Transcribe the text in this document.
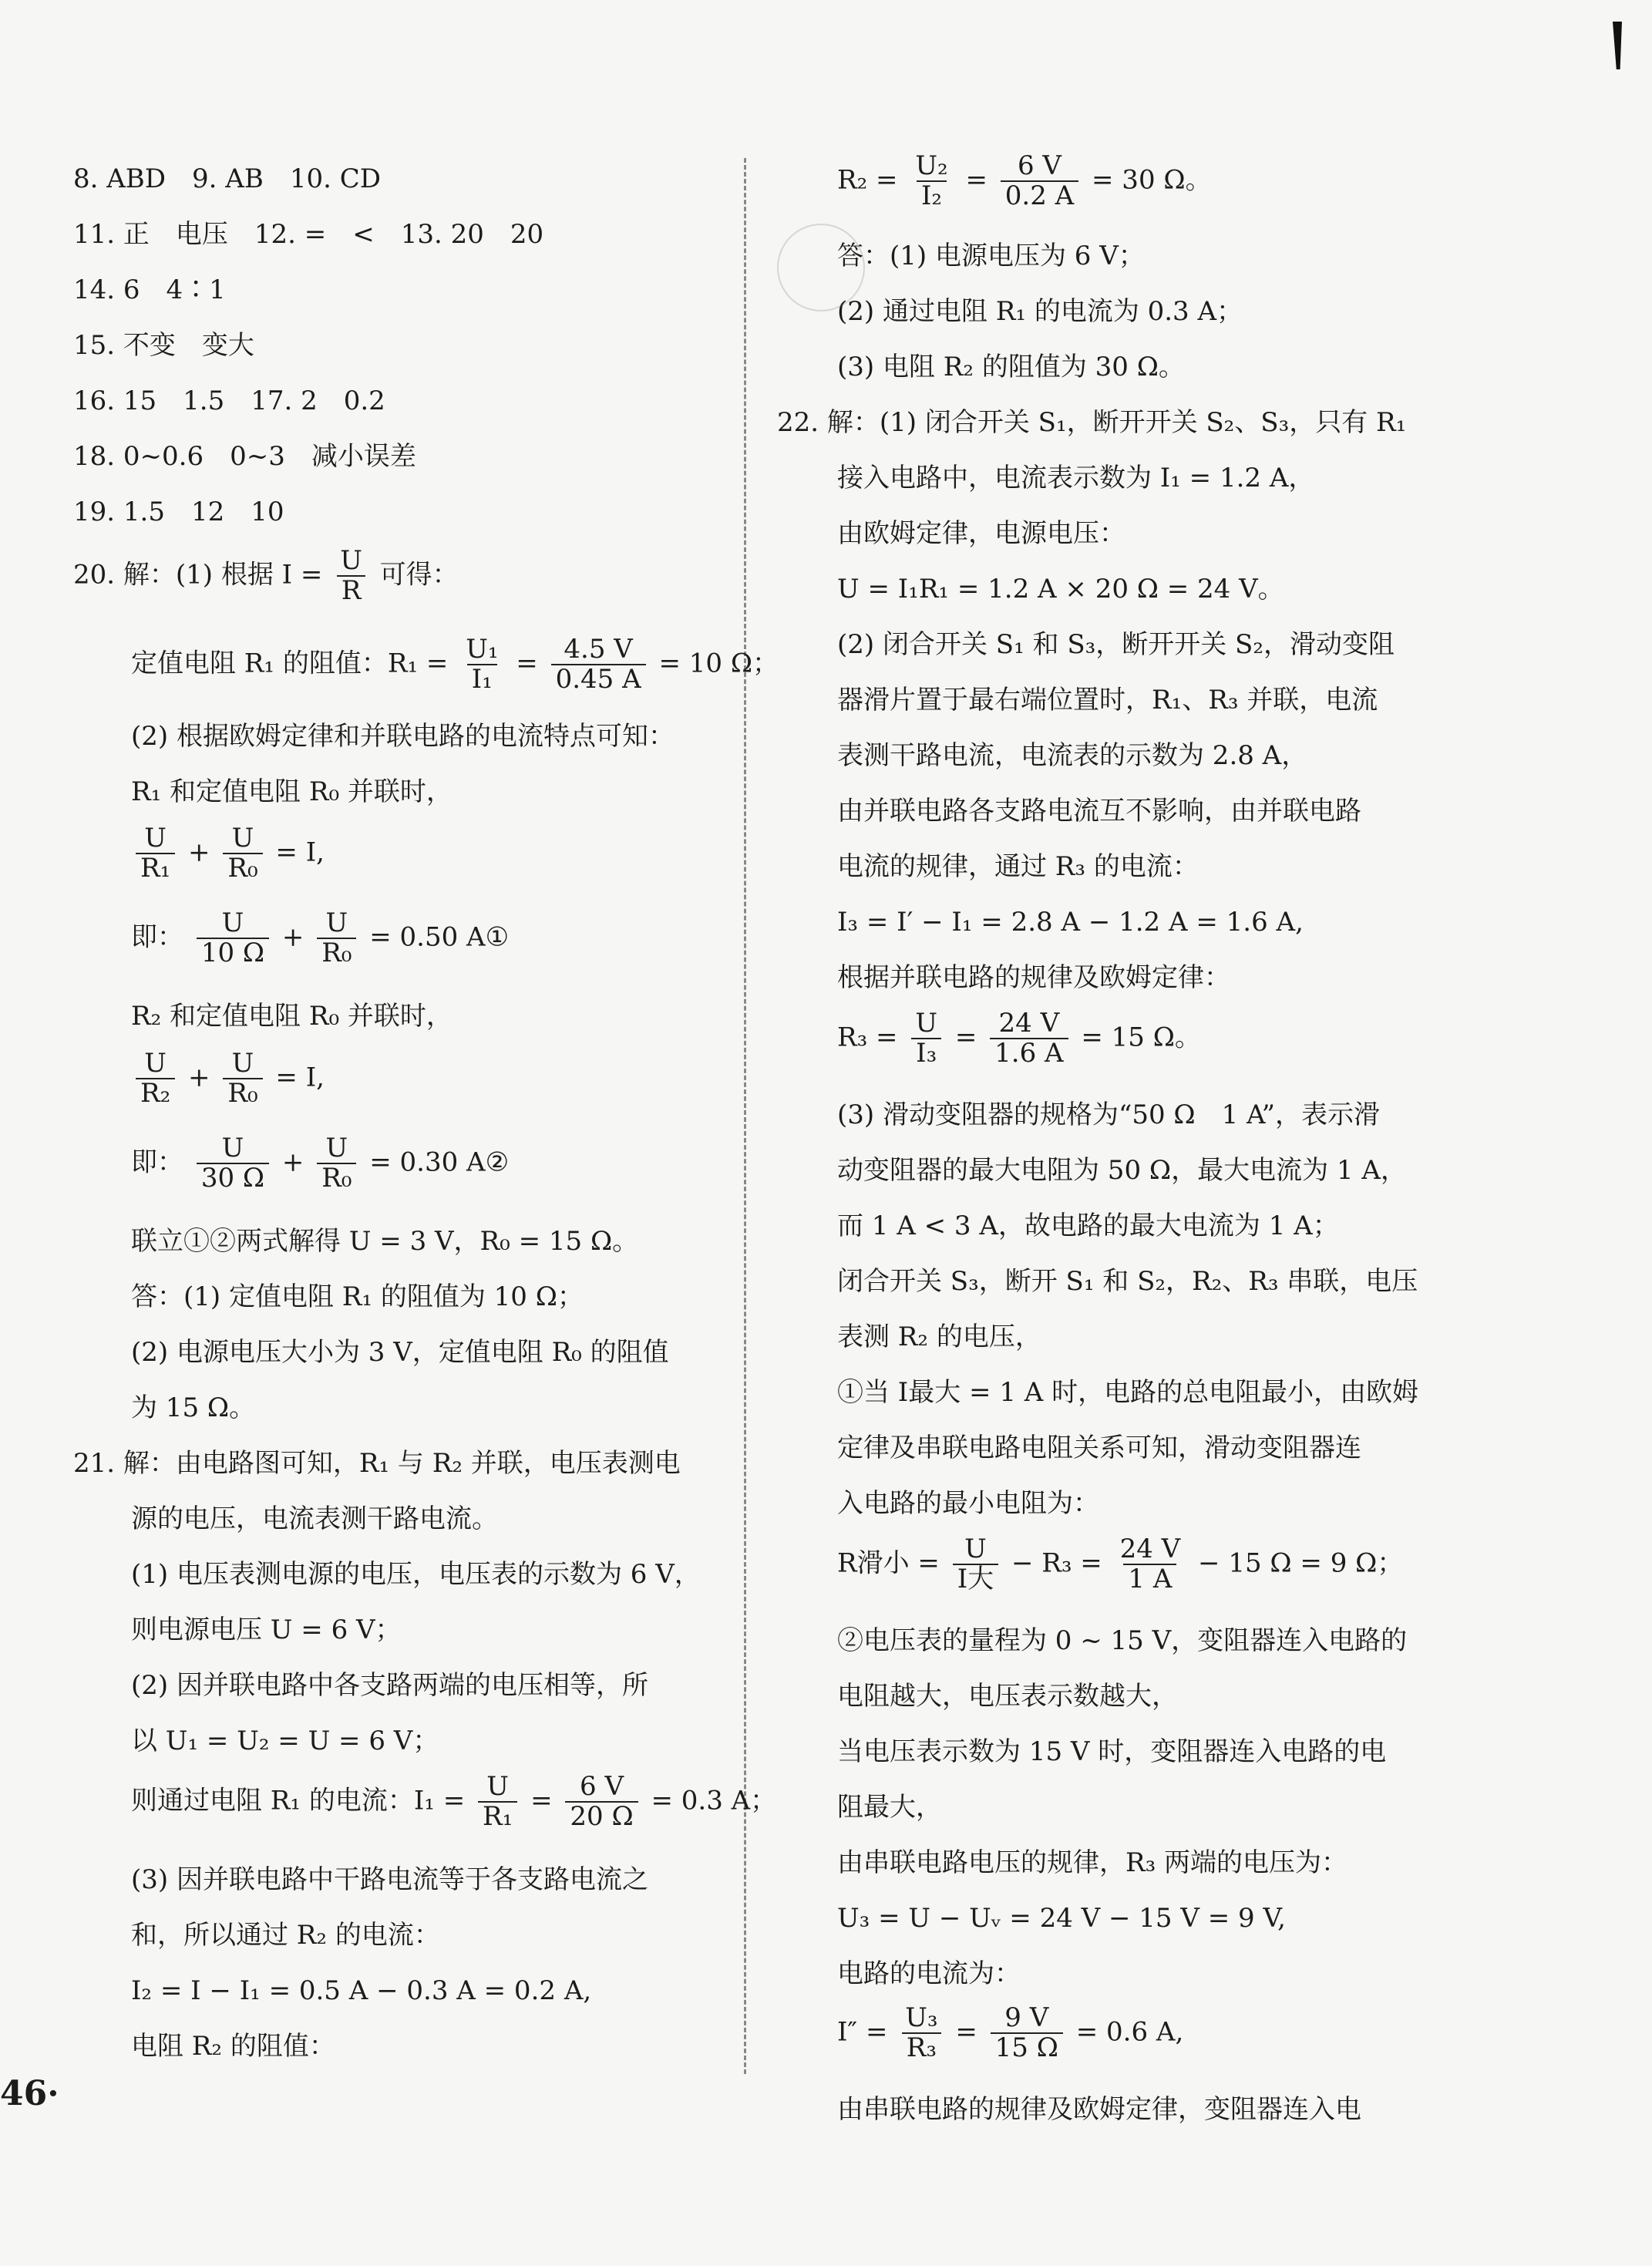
8. ABD　9. AB　10. CD
11. 正　电压　12. =　<　13. 20　20
14. 6　4∶1
15. 不变　变大
16. 15　1.5　17. 2　0.2
18. 0~0.6　0~3　减小误差
19. 1.5　12　10
20. 解：(1) 根据 $I = \frac{U}{R}$ 可得：
定值电阻 R₁ 的阻值：$R_1 = \frac{\text{U₁}}{\text{I₁}} = \frac{4.5 V}{0.45 A} = 10$ Ω；
(2) 根据欧姆定律和并联电路的电流特点可知：
R₁ 和定值电阻 R₀ 并联时，
$\frac{U}{\text{R₁}} + \frac{U}{\text{R₀}} = I$,
即： $\frac{U}{10 \Omega} + \frac{U}{\text{R₀}} = 0.50$ A①
R₂ 和定值电阻 R₀ 并联时，
$\frac{U}{\text{R₂}} + \frac{U}{\text{R₀}} = I$,
即： $\frac{U}{30 \Omega} + \frac{U}{\text{R₀}} = 0.30$ A②
联立①②两式解得 U = 3 V，R₀ = 15 Ω。
答：(1) 定值电阻 R₁ 的阻值为 10 Ω；
(2) 电源电压大小为 3 V，定值电阻 R₀ 的阻值
为 15 Ω。
21. 解：由电路图可知，R₁ 与 R₂ 并联，电压表测电
源的电压，电流表测干路电流。
(1) 电压表测电源的电压，电压表的示数为 6 V，
则电源电压 U = 6 V；
(2) 因并联电路中各支路两端的电压相等，所
以 U₁ = U₂ = U = 6 V；
则通过电阻 R₁ 的电流：$I_1 = \frac{U}{\text{R₁}} = \frac{6 V}{20 \Omega} = 0.3$ A；
(3) 因并联电路中干路电流等于各支路电流之
和，所以通过 R₂ 的电流：
I₂ = I − I₁ = 0.5 A − 0.3 A = 0.2 A,
电阻 R₂ 的阻值：
$R_2 = \frac{\text{U₂}}{\text{I₂}} = \frac{6 V}{0.2 A} = 30$ Ω。
答：(1) 电源电压为 6 V；
(2) 通过电阻 R₁ 的电流为 0.3 A；
(3) 电阻 R₂ 的阻值为 30 Ω。
22. 解：(1) 闭合开关 S₁，断开开关 S₂、S₃，只有 R₁
接入电路中，电流表示数为 I₁ = 1.2 A，
由欧姆定律，电源电压：
U = I₁R₁ = 1.2 A × 20 Ω = 24 V。
(2) 闭合开关 S₁ 和 S₃，断开开关 S₂，滑动变阻
器滑片置于最右端位置时，R₁、R₃ 并联，电流
表测干路电流，电流表的示数为 2.8 A，
由并联电路各支路电流互不影响，由并联电路
电流的规律，通过 R₃ 的电流：
I₃ = I′ − I₁ = 2.8 A − 1.2 A = 1.6 A,
根据并联电路的规律及欧姆定律：
$R_3 = \frac{U}{\text{I₃}} = \frac{24 V}{1.6 A} = 15$ Ω。
(3) 滑动变阻器的规格为“50 Ω　1 A”，表示滑
动变阻器的最大电阻为 50 Ω，最大电流为 1 A，
而 1 A < 3 A，故电路的最大电流为 1 A；
闭合开关 S₃，断开 S₁ 和 S₂，R₂、R₃ 串联，电压
表测 R₂ 的电压，
①当 I最大 = 1 A 时，电路的总电阻最小，由欧姆
定律及串联电路电阻关系可知，滑动变阻器连
入电路的最小电阻为：
R滑小 = $\frac{U}{\text{I大}} - R_3 = \frac{24 V}{1 A} - 15$ Ω = 9 Ω；
②电压表的量程为 0 ~ 15 V，变阻器连入电路的
电阻越大，电压表示数越大，
当电压表示数为 15 V 时，变阻器连入电路的电
阻最大，
由串联电路电压的规律，R₃ 两端的电压为：
U₃ = U − Uᵥ = 24 V − 15 V = 9 V,
电路的电流为：
$I'' = \frac{\text{U₃}}{\text{R₃}} = \frac{9 V}{15 \Omega} = 0.6$ A,
由串联电路的规律及欧姆定律，变阻器连入电
46·
